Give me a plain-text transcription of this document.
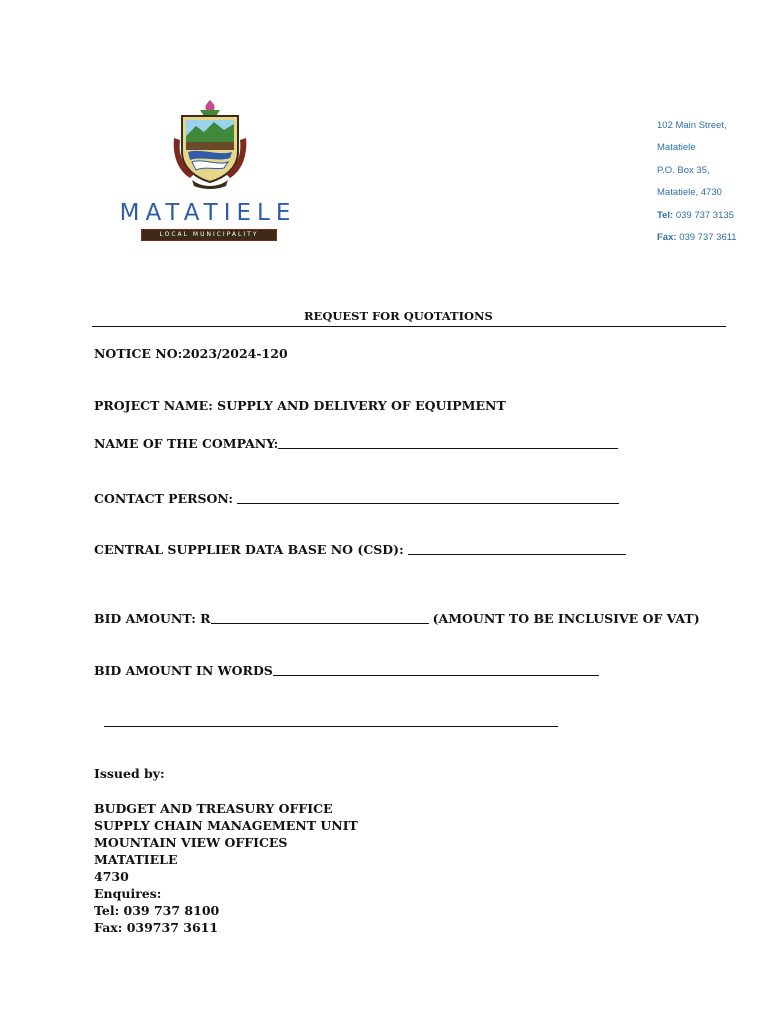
MATATIELE
LOCAL MUNICIPALITY
102 Main Street,
Matatiele
P.O. Box 35,
Matatiele, 4730
Tel: 039 737 3135
Fax: 039 737 3611
REQUEST FOR QUOTATIONS
NOTICE NO:2023/2024-120
PROJECT NAME: SUPPLY AND DELIVERY OF EQUIPMENT
NAME OF THE COMPANY:
CONTACT PERSON:
CENTRAL SUPPLIER DATA BASE NO (CSD):
BID AMOUNT: R	(AMOUNT TO BE INCLUSIVE OF VAT)
BID AMOUNT IN WORDS
Issued by:
BUDGET AND TREASURY OFFICE
SUPPLY CHAIN MANAGEMENT UNIT
MOUNTAIN VIEW OFFICES
MATATIELE
4730
Enquires:
Tel: 039 737 8100
Fax: 039737 3611
